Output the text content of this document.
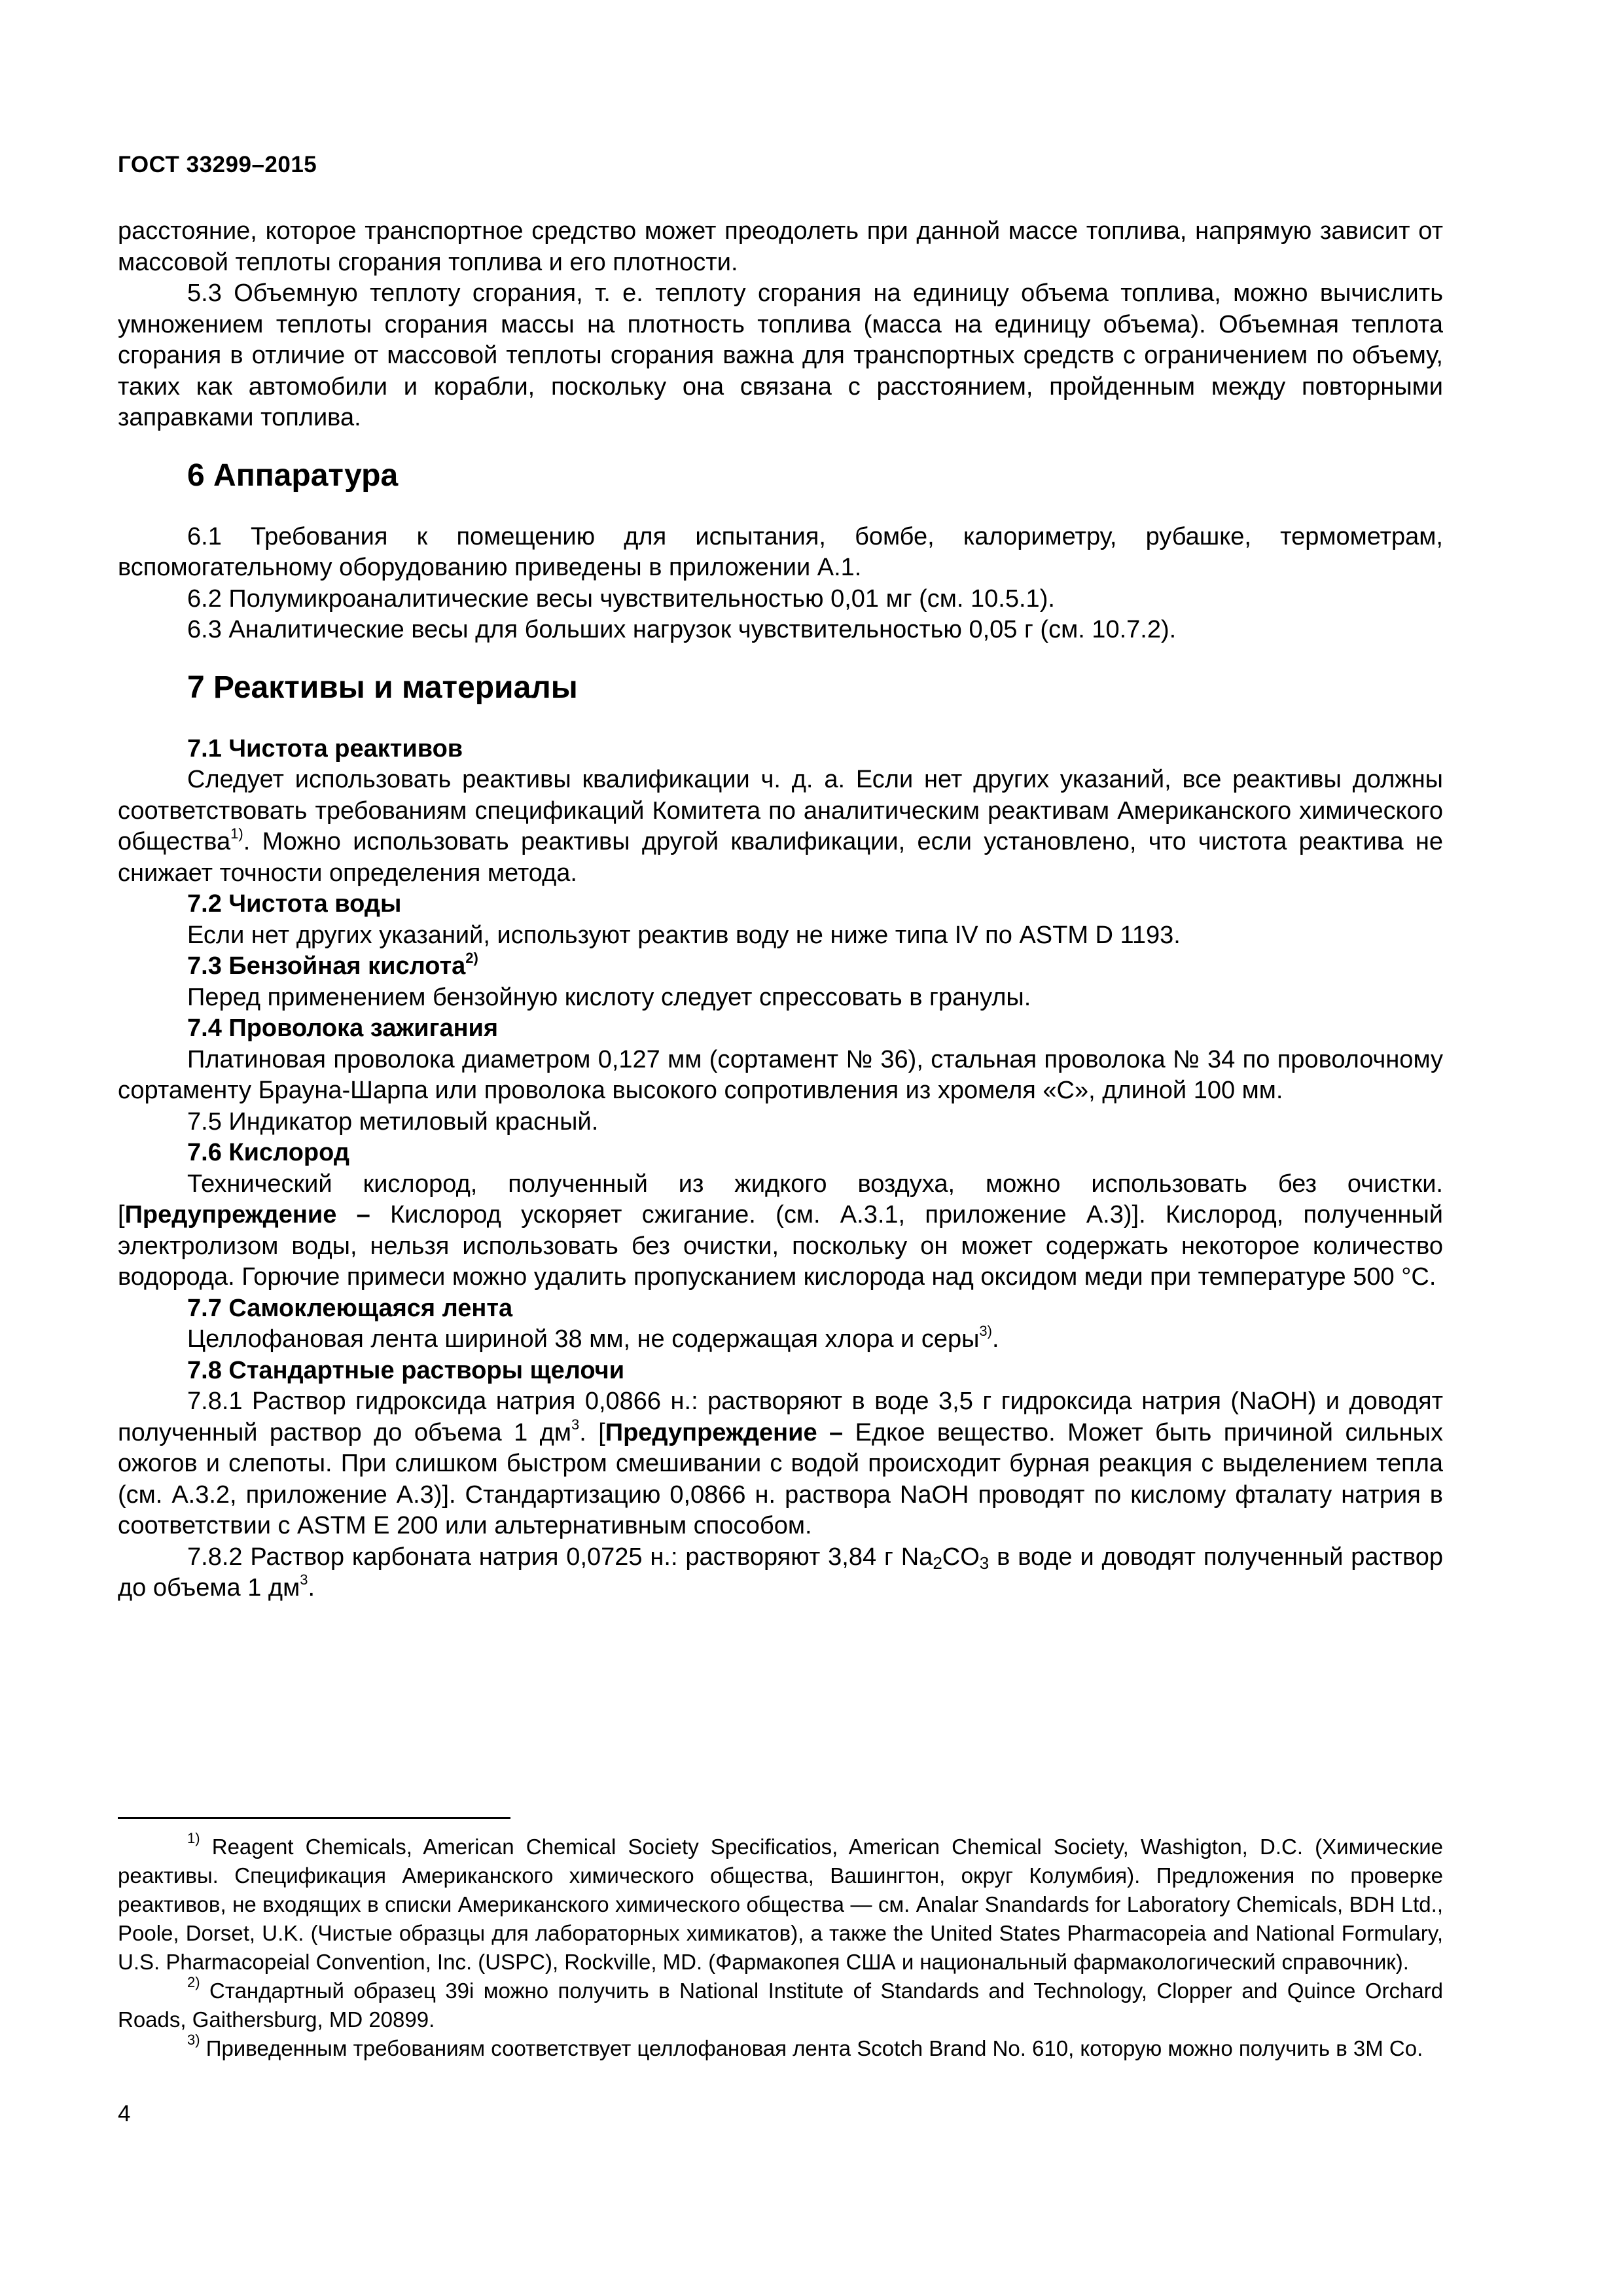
ГОСТ 33299–2015

расстояние, которое транспортное средство может преодолеть при данной массе топлива, напрямую зависит от массовой теплоты сгорания топлива и его плотности.

5.3 Объемную теплоту сгорания, т. е. теплоту сгорания на единицу объема топлива, можно вычислить умножением теплоты сгорания массы на плотность топлива (масса на единицу объема). Объемная теплота сгорания в отличие от массовой теплоты сгорания важна для транспортных средств с ограничением по объему, таких как автомобили и корабли, поскольку она связана с расстоянием, пройденным между повторными заправками топлива.

6 Аппаратура

6.1 Требования к помещению для испытания, бомбе, калориметру, рубашке, термометрам, вспомогательному оборудованию приведены в приложении А.1.

6.2 Полумикроаналитические весы чувствительностью 0,01 мг (см. 10.5.1).

6.3 Аналитические весы для больших нагрузок чувствительностью 0,05 г (см. 10.7.2).

7 Реактивы и материалы
7.1 Чистота реактивов

Следует использовать реактивы квалификации ч. д. а. Если нет других указаний, все реактивы должны соответствовать требованиям спецификаций Комитета по аналитическим реактивам Американского химического общества$^{1)}$. Можно использовать реактивы другой квалификации, если установлено, что чистота реактива не снижает точности определения метода.

7.2 Чистота воды

Если нет других указаний, используют реактив воду не ниже типа IV по ASTM D 1193.

7.3 Бензойная кислота$^{2)}$

Перед применением бензойную кислоту следует спрессовать в гранулы.

7.4 Проволока зажигания

Платиновая проволока диаметром 0,127 мм (сортамент № 36), стальная проволока № 34 по проволочному сортаменту Брауна-Шарпа или проволока высокого сопротивления из хромеля «С», длиной 100 мм.

7.5 Индикатор метиловый красный.

7.6 Кислород

Технический кислород, полученный из жидкого воздуха, можно использовать без очистки. [Предупреждение – Кислород ускоряет сжигание. (см. А.3.1, приложение А.3)]. Кислород, полученный электролизом воды, нельзя использовать без очистки, поскольку он может содержать некоторое количество водорода. Горючие примеси можно удалить пропусканием кислорода над оксидом меди при температуре 500 °С.

7.7 Самоклеющаяся лента

Целлофановая лента шириной 38 мм, не содержащая хлора и серы$^{3)}$.

7.8 Стандартные растворы щелочи

7.8.1 Раствор гидроксида натрия 0,0866 н.: растворяют в воде 3,5 г гидроксида натрия (NaOH) и доводят полученный раствор до объема 1 $дм^3$. [Предупреждение – Едкое вещество. Может быть причиной сильных ожогов и слепоты. При слишком быстром смешивании с водой происходит бурная реакция с выделением тепла (см. А.3.2, приложение А.3)]. Стандартизацию 0,0866 н. раствора NaOH проводят по кислому фталату натрия в соответствии с ASTM E 200 или альтернативным способом.

7.8.2 Раствор карбоната натрия 0,0725 н.: растворяют 3,84 г $Na_2CO_3$ в воде и доводят полученный раствор до объема 1 $дм^3$.

$^{1)}$ Reagent Chemicals, American Chemical Society Specificatios, American Chemical Society, Washigton, D.C. (Химические реактивы. Спецификация Американского химического общества, Вашингтон, округ Колумбия). Предложения по проверке реактивов, не входящих в списки Американского химического общества — см. Analar Snandards for Laboratory Chemicals, BDH Ltd., Poole, Dorset, U.K. (Чистые образцы для лабораторных химикатов), а также the United States Pharmacopeia and National Formulary, U.S. Pharmacopeial Convention, Inc. (USPC), Rockville, MD. (Фармакопея США и национальный фармакологический справочник).

$^{2)}$ Стандартный образец 39i можно получить в National Institute of Standards and Technology, Clopper and Quince Orchard Roads, Gaithersburg, MD 20899.

$^{3)}$ Приведенным требованиям соответствует целлофановая лента Scotch Brand No. 610, которую можно получить в 3M Co.

4
